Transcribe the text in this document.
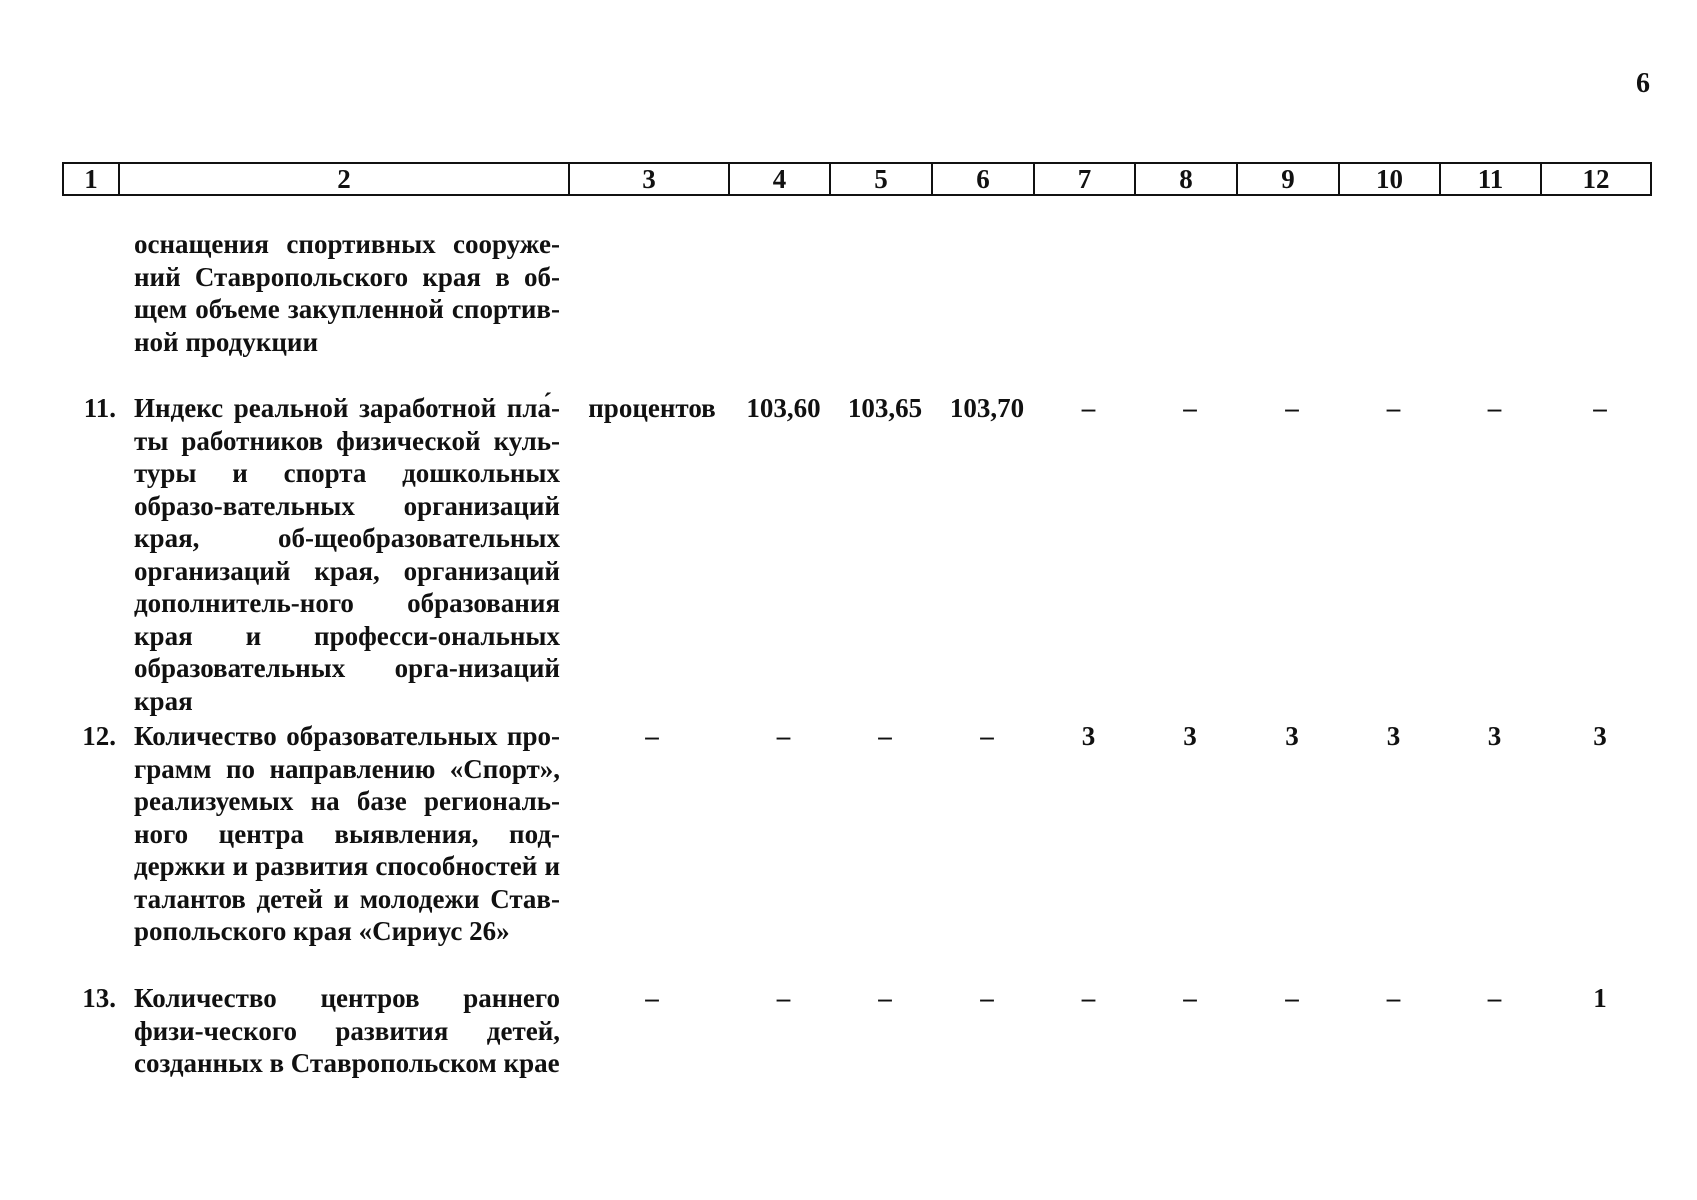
6
1	2	3	4	5	6	7	8	9	10	11	12
оснащения спортивных сооруже-ний Ставропольского края в об-щем объеме закупленной спортив-ной продукции
11. Индекс реальной заработной пла́-ты работников физической куль-туры и спорта дошкольных образо-вательных организаций края, об-щеобразовательных организаций края, организаций дополнитель-ного образования края и професси-ональных образовательных орга-низаций края
процентов	103,60	103,65	103,70	–	–	–	–	–	–
12. Количество образовательных про-грамм по направлению «Спорт», реализуемых на базе региональ-ного центра выявления, под-держки и развития способностей и талантов детей и молодежи Став-ропольского края «Сириус 26»
–	–	–	–	3	3	3	3	3	3
13. Количество центров раннего физи-ческого развития детей, созданных в Ставропольском крае
–	–	–	–	–	–	–	–	–	1
